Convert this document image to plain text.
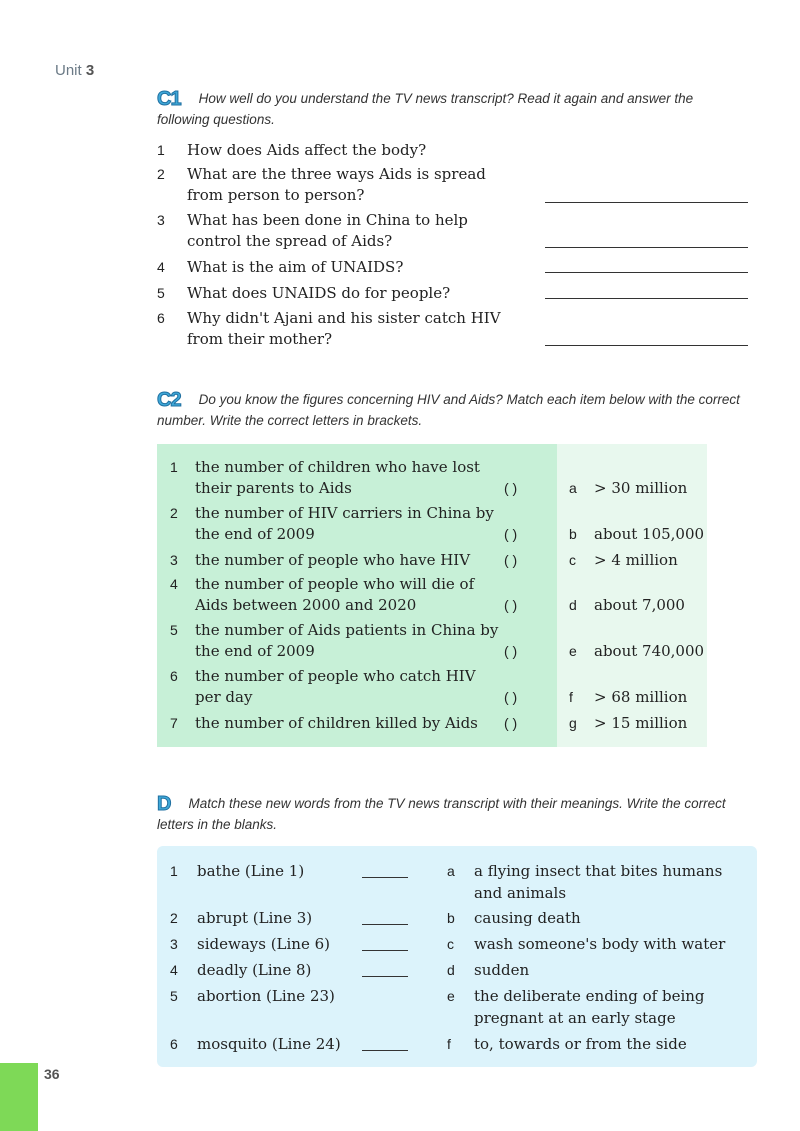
Unit 3
C1 How well do you understand the TV news transcript? Read it again and answer the following questions.
1 How does Aids affect the body?
2 What are the three ways Aids is spread from person to person?
3 What has been done in China to help control the spread of Aids?
4 What is the aim of UNAIDS?
5 What does UNAIDS do for people?
6 Why didn't Ajani and his sister catch HIV from their mother?
C2 Do you know the figures concerning HIV and Aids? Match each item below with the correct number. Write the correct letters in brackets.
1 the number of children who have lost their parents to Aids	( )	a > 30 million
2 the number of HIV carriers in China by the end of 2009	( )	b about 105,000
3 the number of people who have HIV	( )	c > 4 million
4 the number of people who will die of Aids between 2000 and 2020	( )	d about 7,000
5 the number of Aids patients in China by the end of 2009	( )	e about 740,000
6 the number of people who catch HIV per day	( )	f > 68 million
7 the number of children killed by Aids	( )	g > 15 million
D Match these new words from the TV news transcript with their meanings. Write the correct letters in the blanks.
1 bathe (Line 1)	a a flying insect that bites humans and animals
2 abrupt (Line 3)	b causing death
3 sideways (Line 6)	c wash someone's body with water
4 deadly (Line 8)	d sudden
5 abortion (Line 23)	e the deliberate ending of being pregnant at an early stage
6 mosquito (Line 24)	f to, towards or from the side
36
